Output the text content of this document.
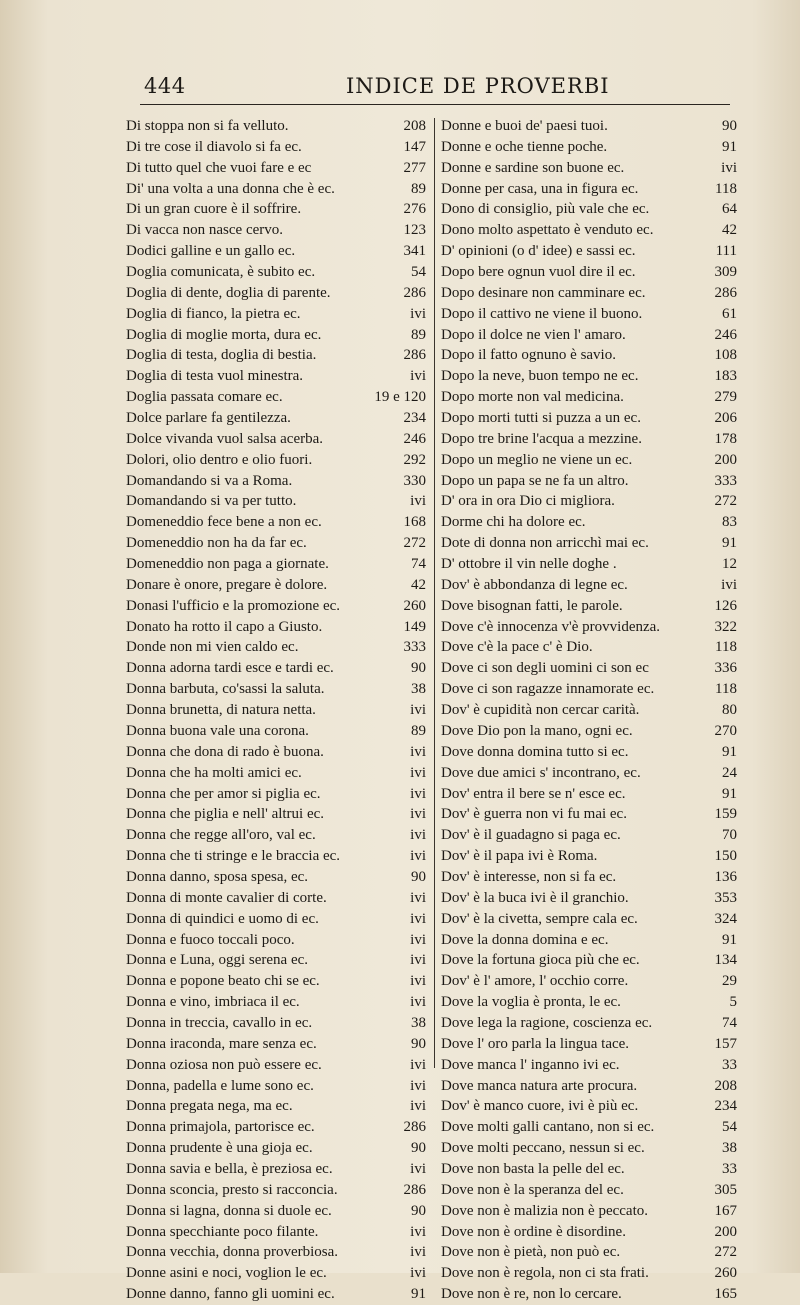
444	INDICE DE PROVERBI
Di stoppa non si fa velluto.	208
Di tre cose il diavolo si fa ec.	147
Di tutto quel che vuoi fare e ec	277
Di' una volta a una donna che è ec.	89
Di un gran cuore è il soffrire.	276
Di vacca non nasce cervo.	123
Dodici galline e un gallo ec.	341
Doglia comunicata, è subito ec.	54
Doglia di dente, doglia di parente.	286
Doglia di fianco, la pietra ec.	ivi
Doglia di moglie morta, dura ec.	89
Doglia di testa, doglia di bestia.	286
Doglia di testa vuol minestra.	ivi
Doglia passata comare ec.	19 e 120
Dolce parlare fa gentilezza.	234
Dolce vivanda vuol salsa acerba.	246
Dolori, olio dentro e olio fuori.	292
Domandando si va a Roma.	330
Domandando si va per tutto.	ivi
Domeneddio fece bene a non ec.	168
Domeneddio non ha da far ec.	272
Domeneddio non paga a giornate.	74
Donare è onore, pregare è dolore.	42
Donasi l'ufficio e la promozione ec.	260
Donato ha rotto il capo a Giusto.	149
Donde non mi vien caldo ec.	333
Donna adorna tardi esce e tardi ec.	90
Donna barbuta, co'sassi la saluta.	38
Donna brunetta, di natura netta.	ivi
Donna buona vale una corona.	89
Donna che dona di rado è buona.	ivi
Donna che ha molti amici ec.	ivi
Donna che per amor si piglia ec.	ivi
Donna che piglia e nell' altrui ec.	ivi
Donna che regge all'oro, val ec.	ivi
Donna che ti stringe e le braccia ec.	ivi
Donna danno, sposa spesa, ec.	90
Donna di monte cavalier di corte.	ivi
Donna di quindici e uomo di ec.	ivi
Donna e fuoco toccali poco.	ivi
Donna e Luna, oggi serena ec.	ivi
Donna e popone beato chi se ec.	ivi
Donna e vino, imbriaca il ec.	ivi
Donna in treccia, cavallo in ec.	38
Donna iraconda, mare senza ec.	90
Donna oziosa non può essere ec.	ivi
Donna, padella e lume sono ec.	ivi
Donna pregata nega, ma ec.	ivi
Donna primajola, partorisce ec.	286
Donna prudente è una gioja ec.	90
Donna savia e bella, è preziosa ec.	ivi
Donna sconcia, presto si racconcia.	286
Donna si lagna, donna si duole ec.	90
Donna specchiante poco filante.	ivi
Donna vecchia, donna proverbiosa.	ivi
Donne asini e noci, voglion le ec.	ivi
Donne danno, fanno gli uomini ec.	91
Donne e buoi de' paesi tuoi.	90
Donne e oche tienne poche.	91
Donne e sardine son buone ec.	ivi
Donne per casa, una in figura ec.	118
Dono di consiglio, più vale che ec.	64
Dono molto aspettato è venduto ec.	42
D' opinioni (o d' idee) e sassi ec.	111
Dopo bere ognun vuol dire il ec.	309
Dopo desinare non camminare ec.	286
Dopo il cattivo ne viene il buono.	61
Dopo il dolce ne vien l' amaro.	246
Dopo il fatto ognuno è savio.	108
Dopo la neve, buon tempo ne ec.	183
Dopo morte non val medicina.	279
Dopo morti tutti si puzza a un ec.	206
Dopo tre brine l'acqua a mezzine.	178
Dopo un meglio ne viene un ec.	200
Dopo un papa se ne fa un altro.	333
D' ora in ora Dio ci migliora.	272
Dorme chi ha dolore ec.	83
Dote di donna non arricchì mai ec.	91
D' ottobre il vin nelle doghe .	12
Dov' è abbondanza di legne ec.	ivi
Dove bisognan fatti, le parole.	126
Dove c'è innocenza v'è provvidenza.	322
Dove c'è la pace c' è Dio.	118
Dove ci son degli uomini ci son ec	336
Dove ci son ragazze innamorate ec.	118
Dov' è cupidità non cercar carità.	80
Dove Dio pon la mano, ogni ec.	270
Dove donna domina tutto si ec.	91
Dove due amici s' incontrano, ec.	24
Dov' entra il bere se n' esce ec.	91
Dov' è guerra non vi fu mai ec.	159
Dov' è il guadagno si paga ec.	70
Dov' è il papa ivi è Roma.	150
Dov' è interesse, non si fa ec.	136
Dov' è la buca ivi è il granchio.	353
Dov' è la civetta, sempre cala ec.	324
Dove la donna domina e ec.	91
Dove la fortuna gioca più che ec.	134
Dov' è l' amore, l' occhio corre.	29
Dove la voglia è pronta, le ec.	5
Dove lega la ragione, coscienza ec.	74
Dove l' oro parla la lingua tace.	157
Dove manca l' inganno ivi ec.	33
Dove manca natura arte procura.	208
Dov' è manco cuore, ivi è più ec.	234
Dove molti galli cantano, non si ec.	54
Dove molti peccano, nessun si ec.	38
Dove non basta la pelle del ec.	33
Dove non è la speranza del ec.	305
Dove non è malizia non è peccato.	167
Dove non è ordine è disordine.	200
Dove non è pietà, non può ec.	272
Dove non è regola, non ci sta frati.	260
Dove non è re, non lo cercare.	165
